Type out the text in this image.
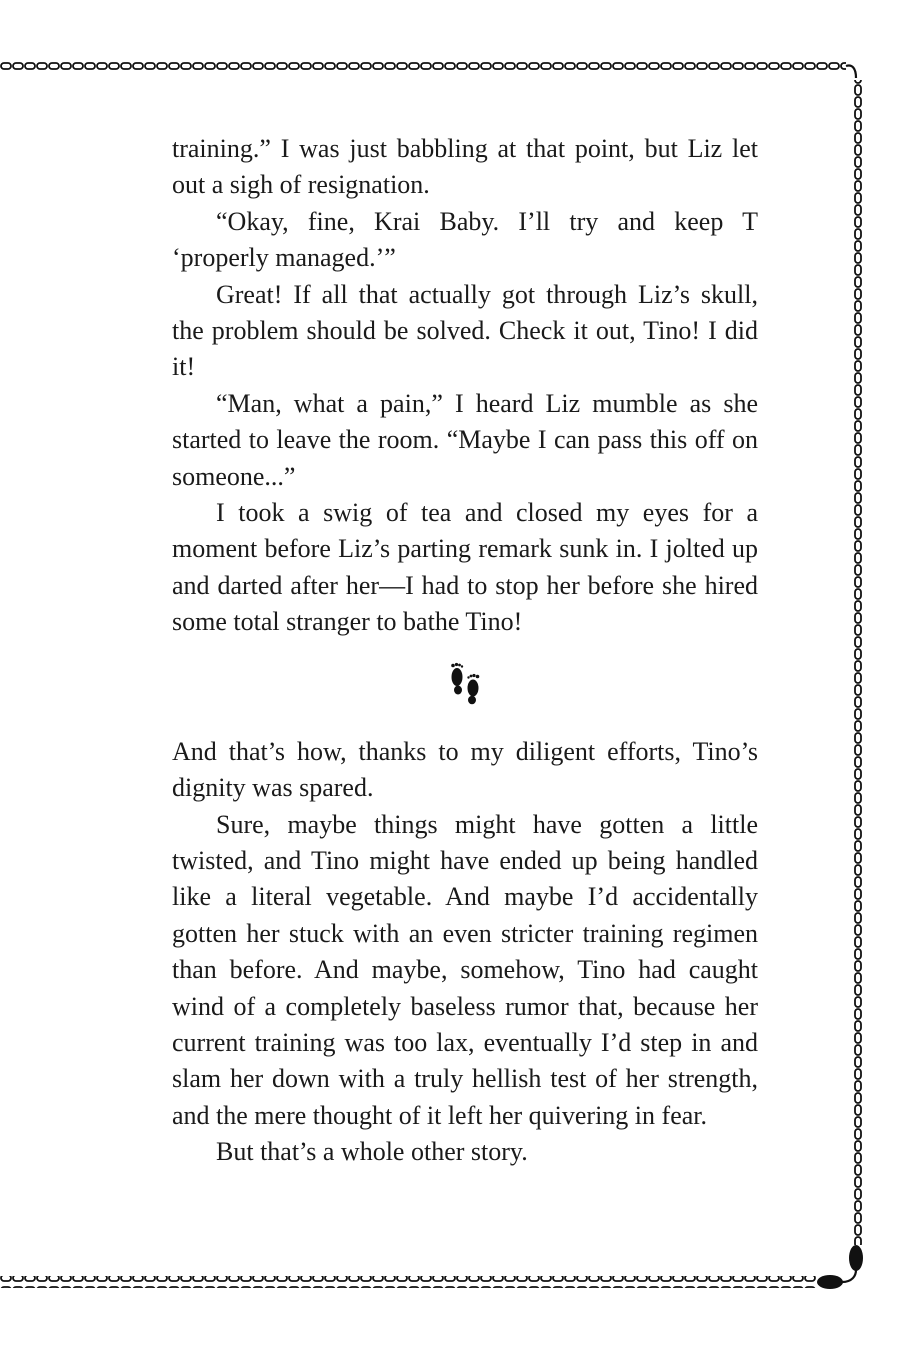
training.” I was just babbling at that point, but Liz let out a sigh of resignation.

“Okay, fine, Krai Baby. I’ll try and keep T ‘properly managed.’”

Great! If all that actually got through Liz’s skull, the problem should be solved. Check it out, Tino! I did it!

“Man, what a pain,” I heard Liz mumble as she started to leave the room. “Maybe I can pass this off on someone...”

I took a swig of tea and closed my eyes for a moment before Liz’s parting remark sunk in. I jolted up and darted after her—I had to stop her before she hired some total stranger to bathe Tino!

And that’s how, thanks to my diligent efforts, Tino’s dignity was spared.

Sure, maybe things might have gotten a little twisted, and Tino might have ended up being handled like a literal vegetable. And maybe I’d accidentally gotten her stuck with an even stricter training regimen than before. And maybe, somehow, Tino had caught wind of a completely baseless rumor that, because her current training was too lax, eventually I’d step in and slam her down with a truly hellish test of her strength, and the mere thought of it left her quivering in fear.

But that’s a whole other story.
